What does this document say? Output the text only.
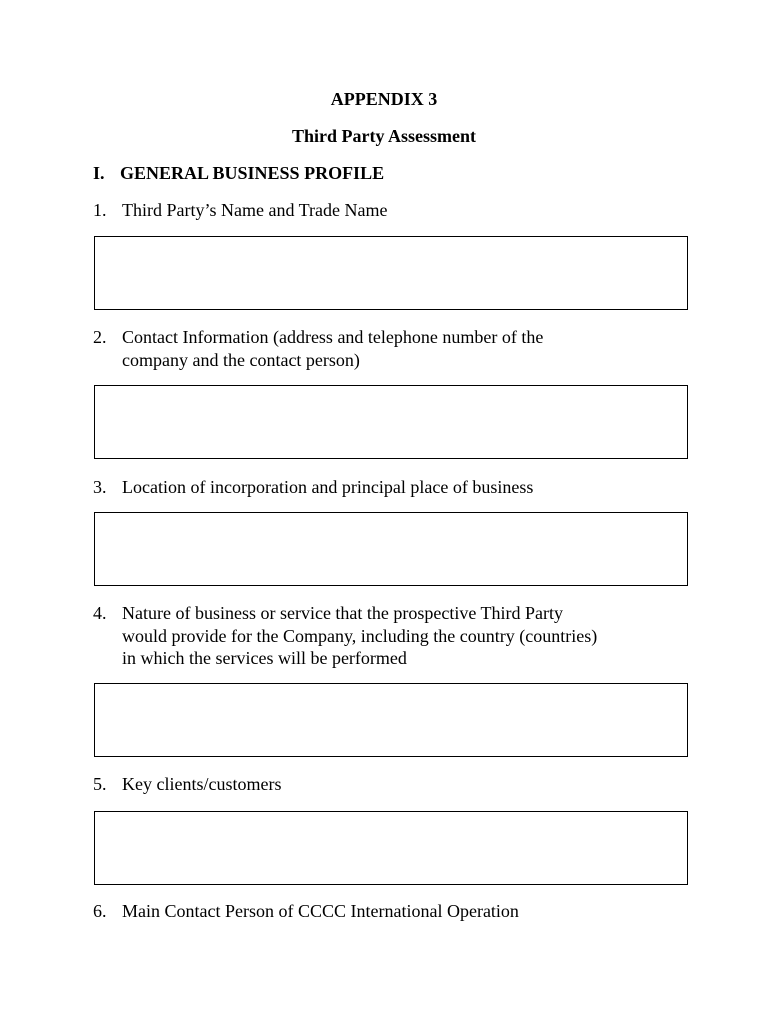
APPENDIX 3
Third Party Assessment
I. GENERAL BUSINESS PROFILE
1. Third Party’s Name and Trade Name
2. Contact Information (address and telephone number of the
company and the contact person)
3. Location of incorporation and principal place of business
4. Nature of business or service that the prospective Third Party
would provide for the Company, including the country (countries)
in which the services will be performed
5. Key clients/customers
6. Main Contact Person of CCCC International Operation
